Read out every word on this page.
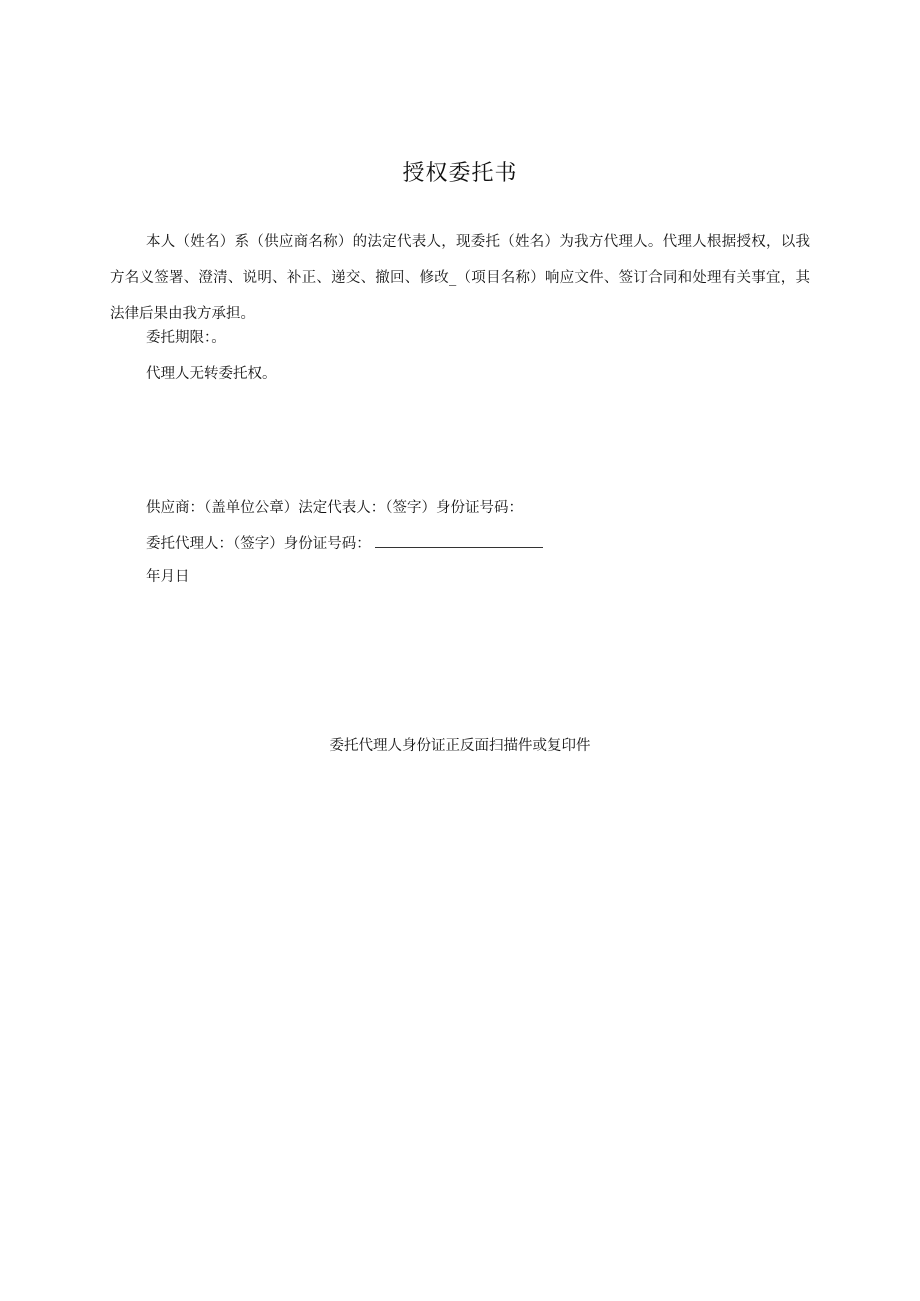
授权委托书

本人（姓名）系（供应商名称）的法定代表人，现委托（姓名）为我方代理人。代理人根据授权，以我方名义签署、澄清、说明、补正、递交、撤回、修改_（项目名称）响应文件、签订合同和处理有关事宜，其法律后果由我方承担。

委托期限：。

代理人无转委托权。

供应商：（盖单位公章）法定代表人：（签字）身份证号码：

委托代理人：（签字）身份证号码：

年月日

委托代理人身份证正反面扫描件或复印件
